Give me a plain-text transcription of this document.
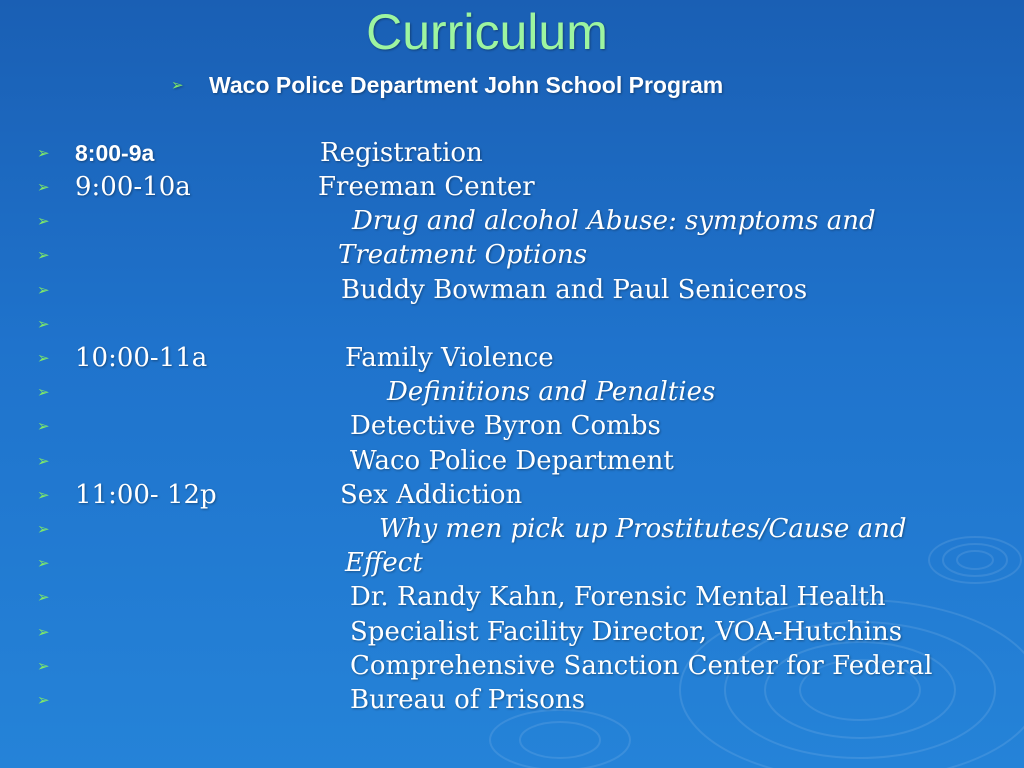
Curriculum
➢	Waco Police Department John School Program
➢ 8:00-9a	Registration
➢ 9:00-10a	Freeman Center
➢	Drug and alcohol Abuse: symptoms and
➢	Treatment Options
➢	Buddy Bowman and Paul Seniceros
➢
➢ 10:00-11a	Family Violence
➢	Definitions and Penalties
➢	Detective Byron Combs
➢	Waco Police Department
➢ 11:00- 12p	Sex Addiction
➢	Why men pick up Prostitutes/Cause and
➢	Effect
➢	Dr. Randy Kahn, Forensic Mental Health
➢	Specialist Facility Director, VOA-Hutchins
➢	Comprehensive Sanction Center for Federal
➢	Bureau of Prisons
